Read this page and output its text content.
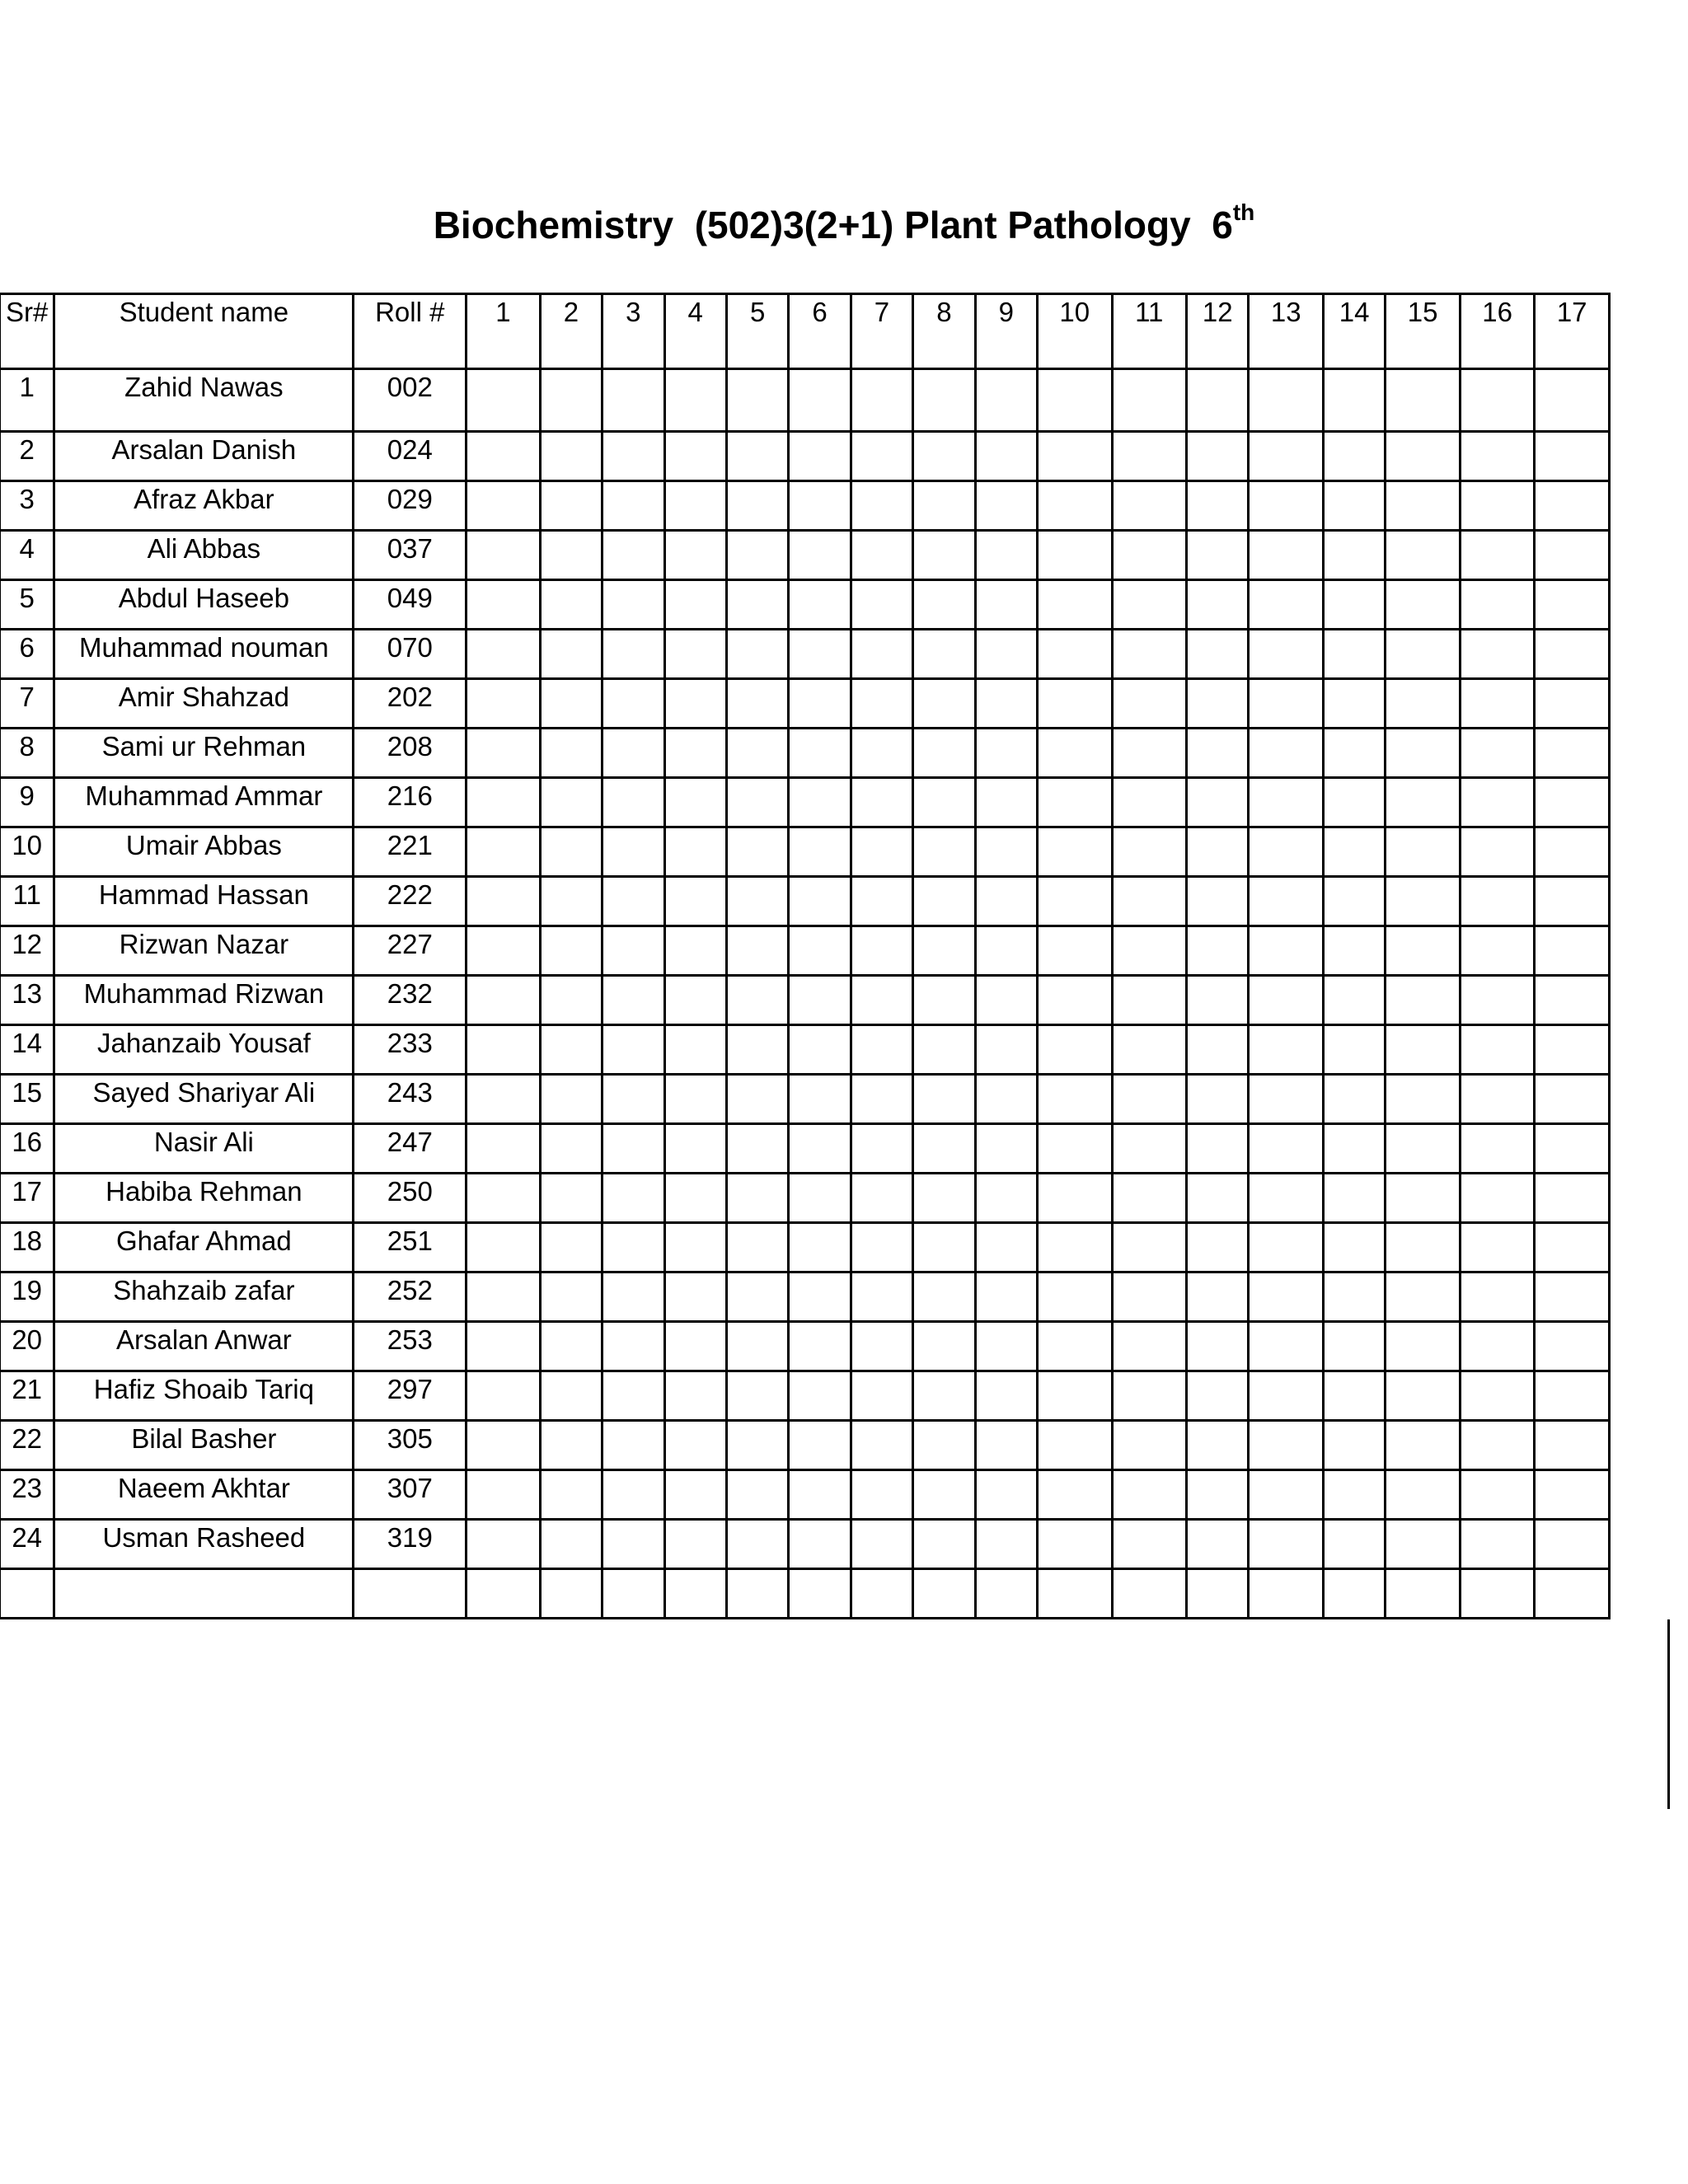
Biochemistry  (502)3(2+1) Plant Pathology  6th
Sr#	Student name	Roll #	1	2	3	4	5	6	7	8	9	10	11	12	13	14	15	16	17
1	Zahid Nawas	002																	
2	Arsalan Danish	024																	
3	Afraz Akbar	029																	
4	Ali Abbas	037																	
5	Abdul Haseeb	049																	
6	Muhammad nouman	070																	
7	Amir Shahzad	202																	
8	Sami ur Rehman	208																	
9	Muhammad Ammar	216																	
10	Umair Abbas	221																	
11	Hammad Hassan	222																	
12	Rizwan Nazar	227																	
13	Muhammad Rizwan	232																	
14	Jahanzaib Yousaf	233																	
15	Sayed Shariyar Ali	243																	
16	Nasir Ali	247																	
17	Habiba Rehman	250																	
18	Ghafar Ahmad	251																	
19	Shahzaib zafar	252																	
20	Arsalan Anwar	253																	
21	Hafiz Shoaib Tariq	297																	
22	Bilal Basher	305																	
23	Naeem Akhtar	307																	
24	Usman Rasheed	319																	
